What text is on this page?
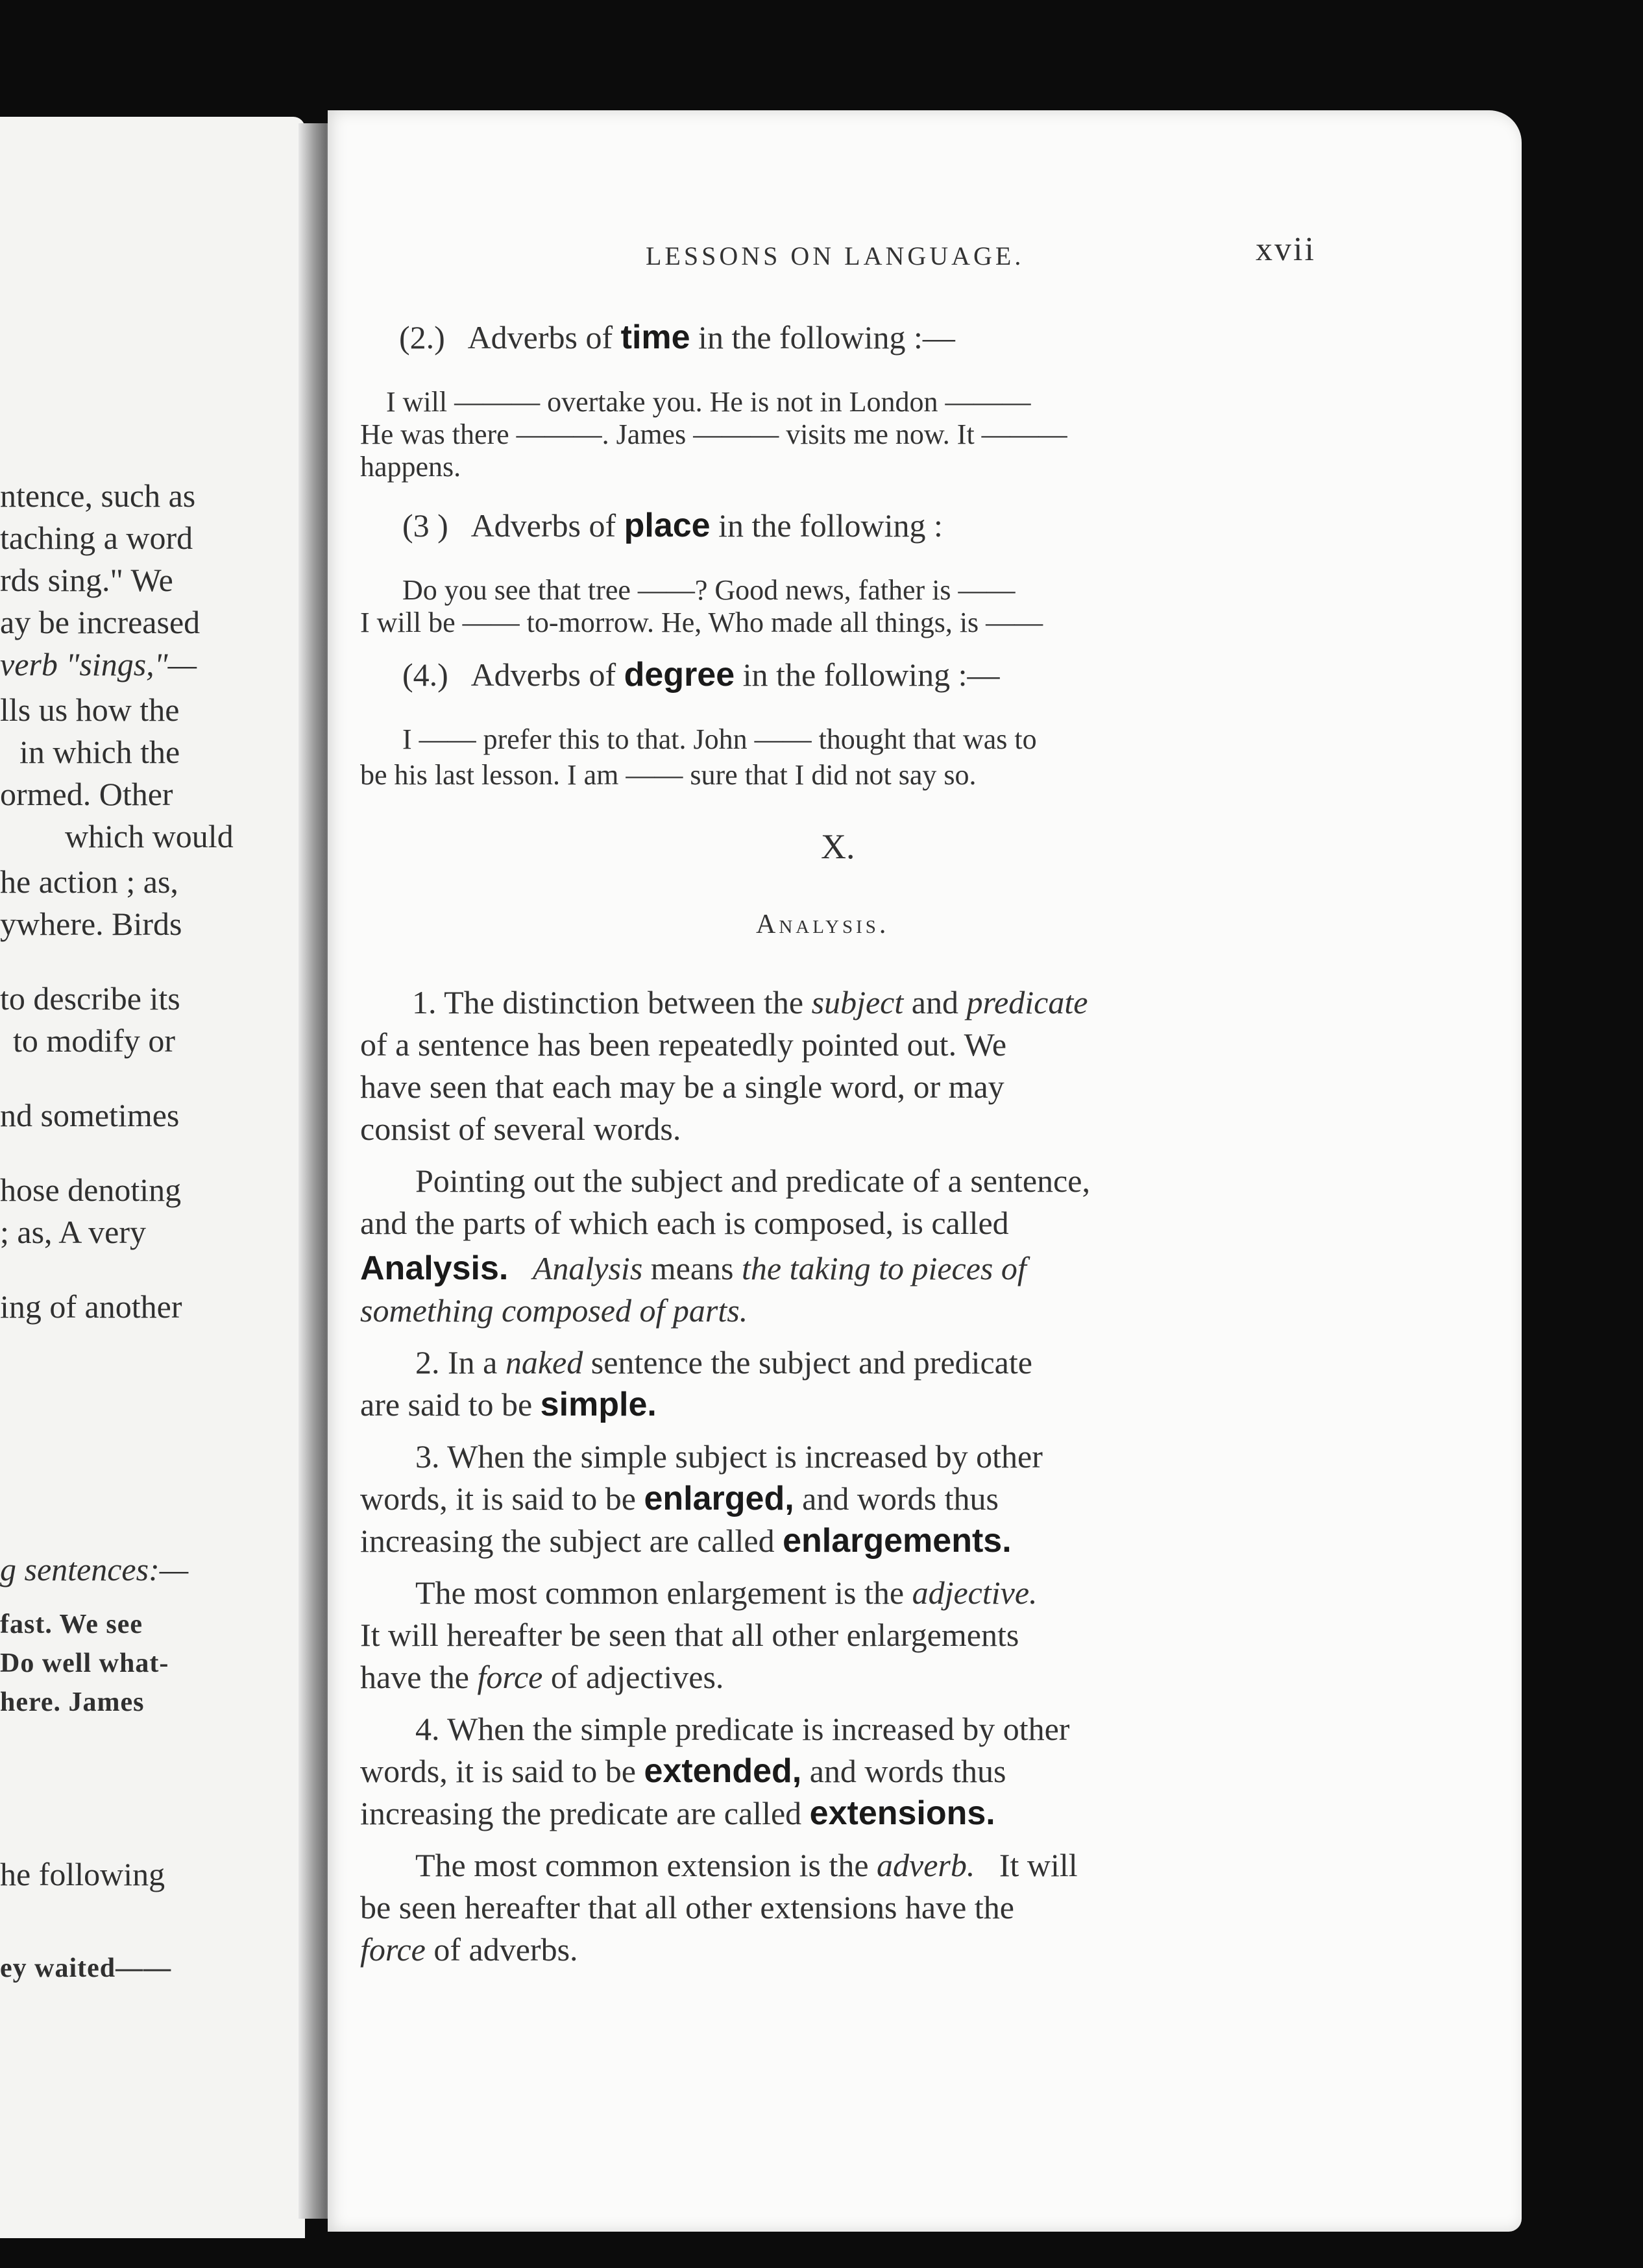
ntence, such as
taching a word
rds sing." We
ay be increased
verb "sings,"—
lls us how the
in which the
ormed. Other
which would
he action ; as,
ywhere. Birds
to describe its
to modify or
nd sometimes
hose denoting
; as, A very
ing of another
g sentences:—
fast. We see
Do well what-
here. James
he following
ey waited——
LESSONS ON LANGUAGE.	xvii
(2.) Adverbs of time in the following :—
I will ——— overtake you. He is not in London ———
He was there ———. James ——— visits me now. It ———
happens.
(3 ) Adverbs of place in the following :
Do you see that tree ——? Good news, father is ——
I will be —— to-morrow. He, Who made all things, is ——
(4.) Adverbs of degree in the following :—
I —— prefer this to that. John —— thought that was to
be his last lesson. I am —— sure that I did not say so.
X.
Analysis.
1. The distinction between the subject and predicate
of a sentence has been repeatedly pointed out. We
have seen that each may be a single word, or may
consist of several words.
Pointing out the subject and predicate of a sentence,
and the parts of which each is composed, is called
Analysis. Analysis means the taking to pieces of
something composed of parts.
2. In a naked sentence the subject and predicate
are said to be simple.
3. When the simple subject is increased by other
words, it is said to be enlarged, and words thus
increasing the subject are called enlargements.
The most common enlargement is the adjective.
It will hereafter be seen that all other enlargements
have the force of adjectives.
4. When the simple predicate is increased by other
words, it is said to be extended, and words thus
increasing the predicate are called extensions.
The most common extension is the adverb. It will
be seen hereafter that all other extensions have the
force of adverbs.
